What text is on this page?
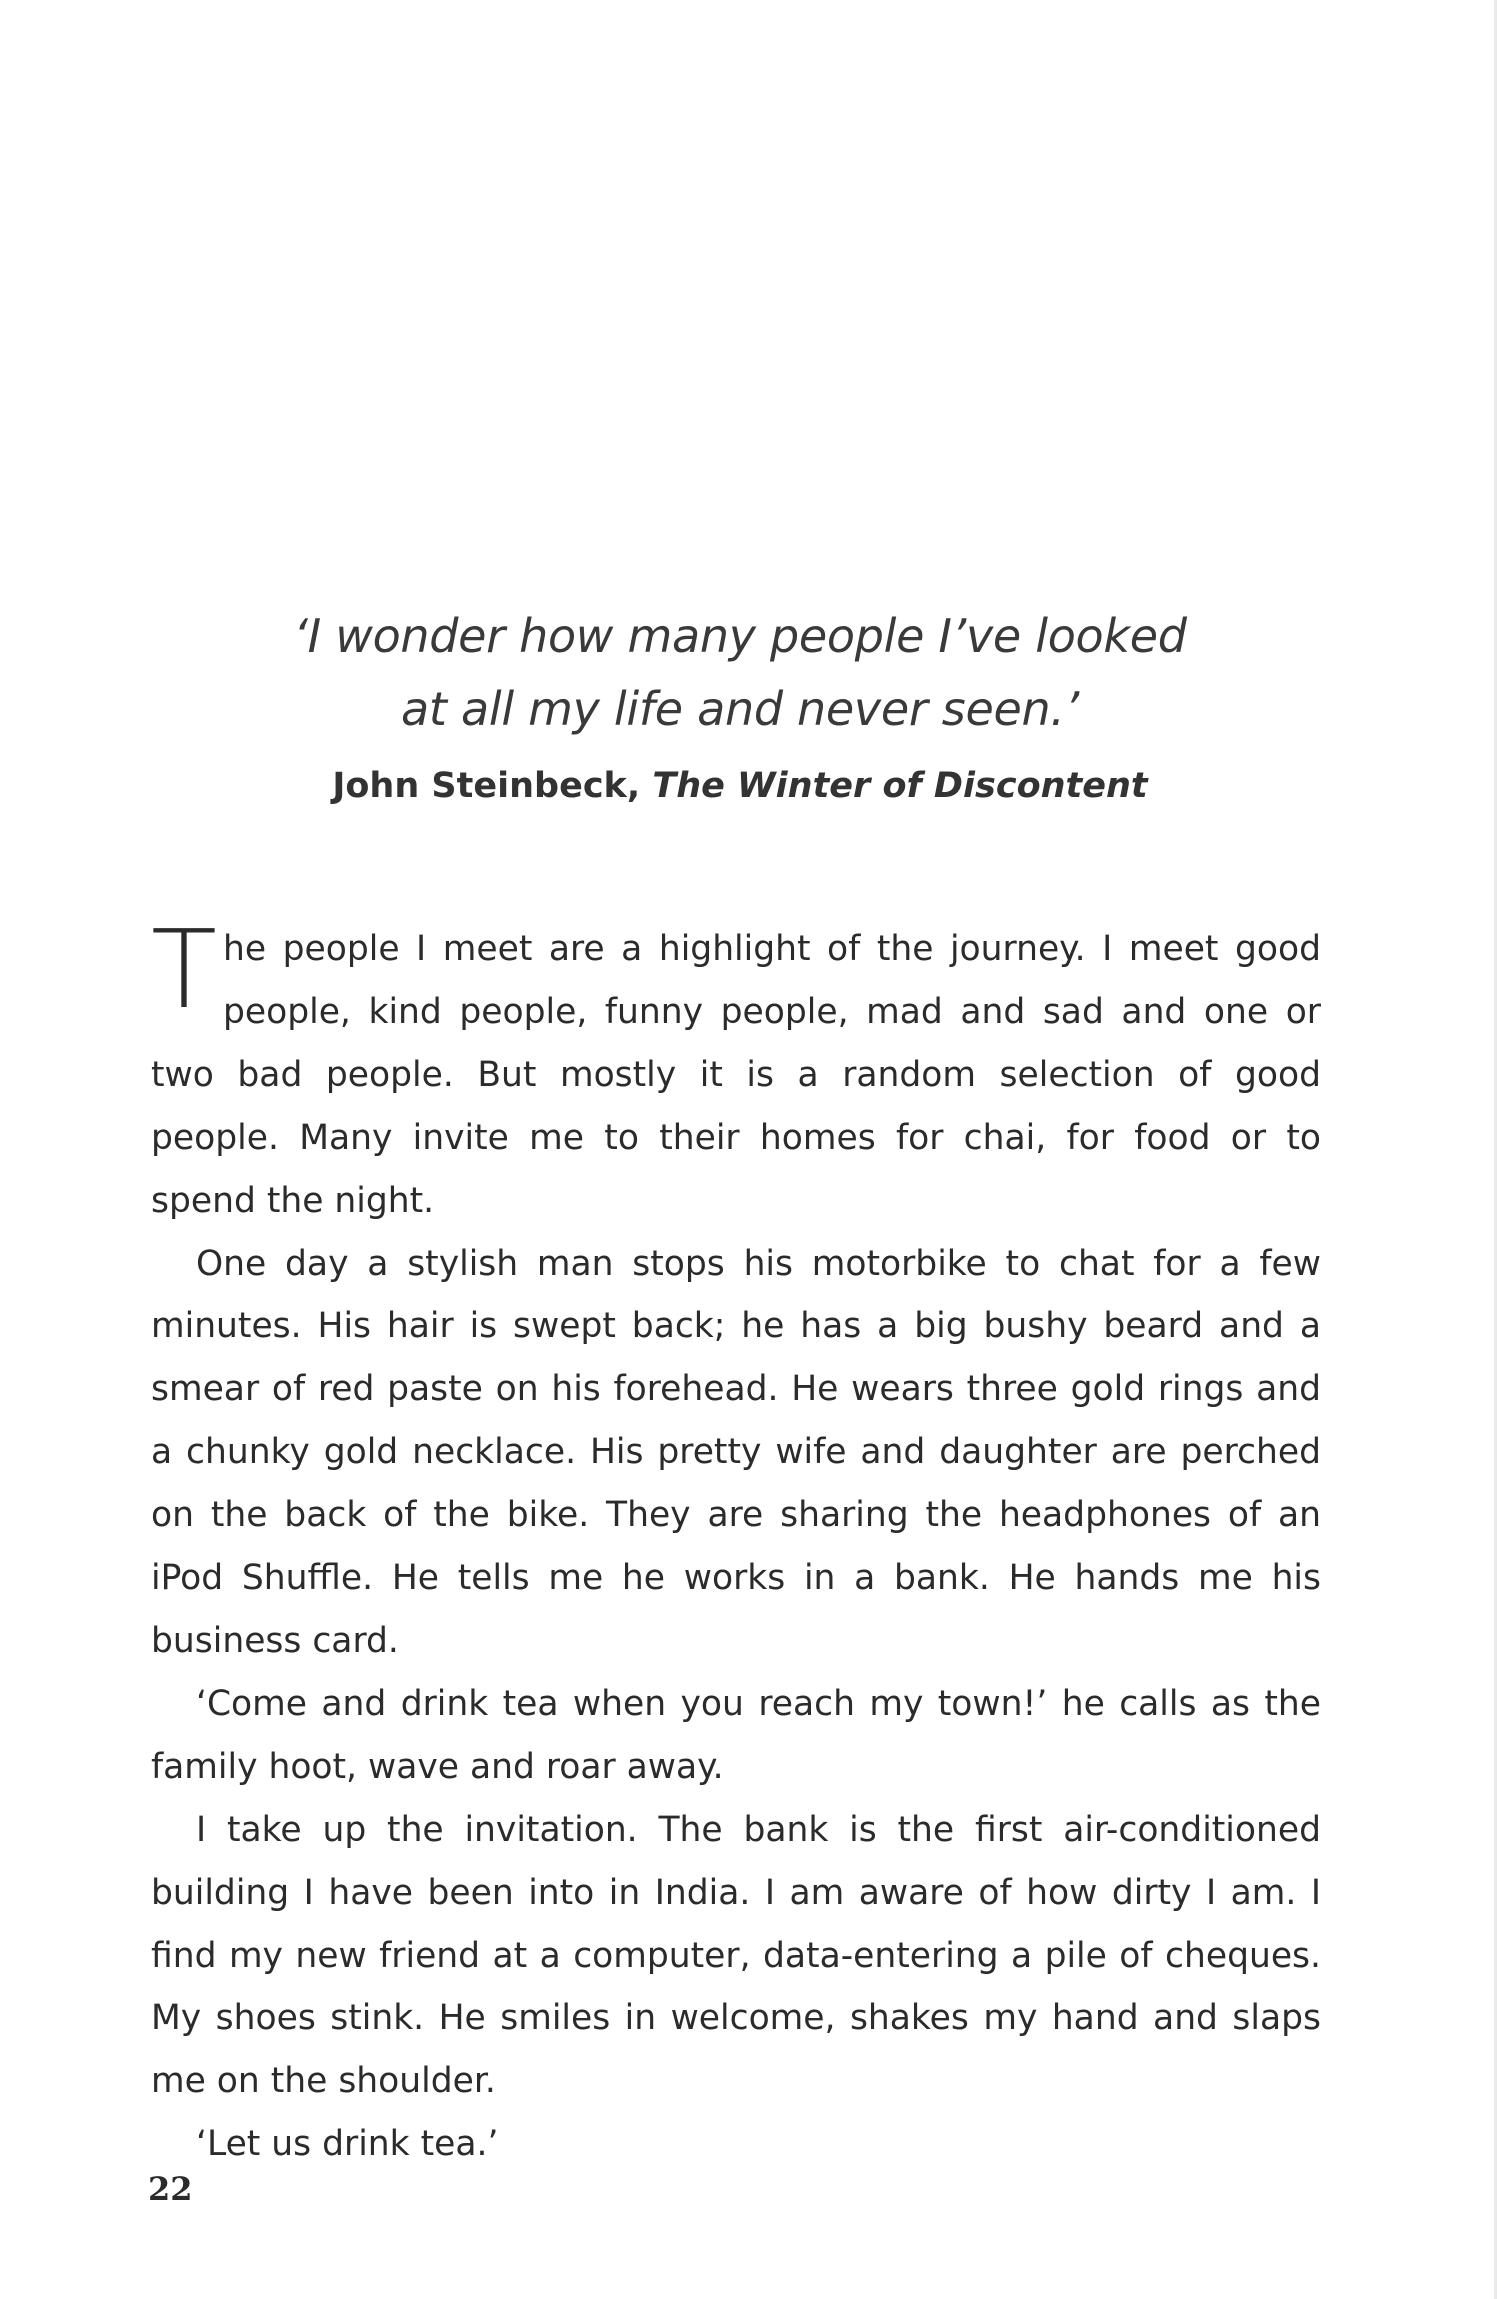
‘I wonder how many people I’ve looked
at all my life and never seen.’
John Steinbeck, The Winter of Discontent

The people I meet are a highlight of the journey. I meet good people, kind people, funny people, mad and sad and one or two bad people. But mostly it is a random selection of good people. Many invite me to their homes for chai, for food or to spend the night.

One day a stylish man stops his motorbike to chat for a few minutes. His hair is swept back; he has a big bushy beard and a smear of red paste on his forehead. He wears three gold rings and a chunky gold necklace. His pretty wife and daughter are perched on the back of the bike. They are sharing the headphones of an iPod Shuffle. He tells me he works in a bank. He hands me his business card.

‘Come and drink tea when you reach my town!’ he calls as the family hoot, wave and roar away.

I take up the invitation. The bank is the first air-conditioned building I have been into in India. I am aware of how dirty I am. I find my new friend at a computer, data-entering a pile of cheques. My shoes stink. He smiles in welcome, shakes my hand and slaps me on the shoulder.

‘Let us drink tea.’

22
